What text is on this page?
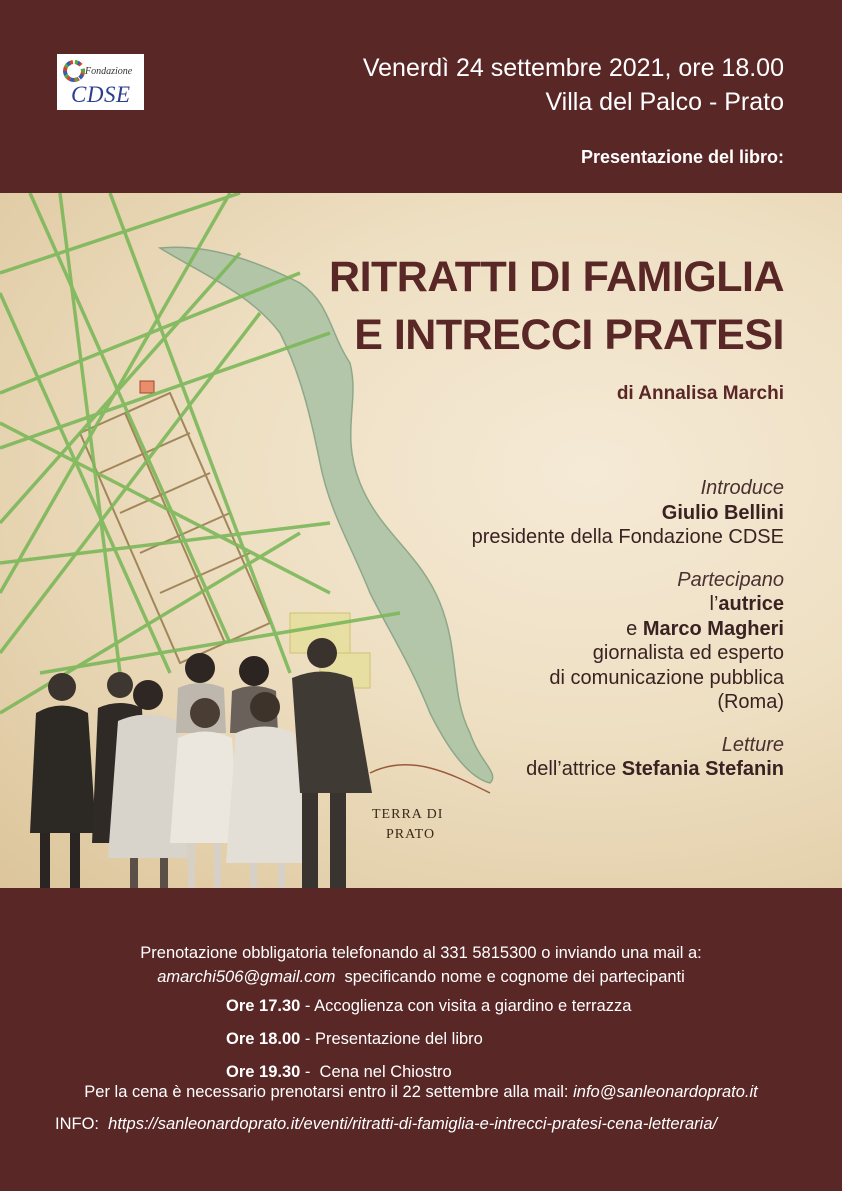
Fondazione
CDSE
Venerdì 24 settembre 2021, ore 18.00
Villa del Palco - Prato
Presentazione del libro:
TERRA DI
PRATO
RITRATTI DI FAMIGLIA
E INTRECCI PRATESI
di Annalisa Marchi
Introduce
Giulio Bellini
presidente della Fondazione CDSE
Partecipano
l’autrice
e Marco Magheri
giornalista ed esperto
di comunicazione pubblica
(Roma)
Letture
dell’attrice Stefania Stefanin
Prenotazione obbligatoria telefonando al 331 5815300 o inviando una mail a:
amarchi506@gmail.com  specificando nome e cognome dei partecipanti
Ore 17.30 - Accoglienza con visita a giardino e terrazza
Ore 18.00 - Presentazione del libro
Ore 19.30 -  Cena nel Chiostro
Per la cena è necessario prenotarsi entro il 22 settembre alla mail: info@sanleonardoprato.it
INFO:  https://sanleonardoprato.it/eventi/ritratti-di-famiglia-e-intrecci-pratesi-cena-letteraria/
